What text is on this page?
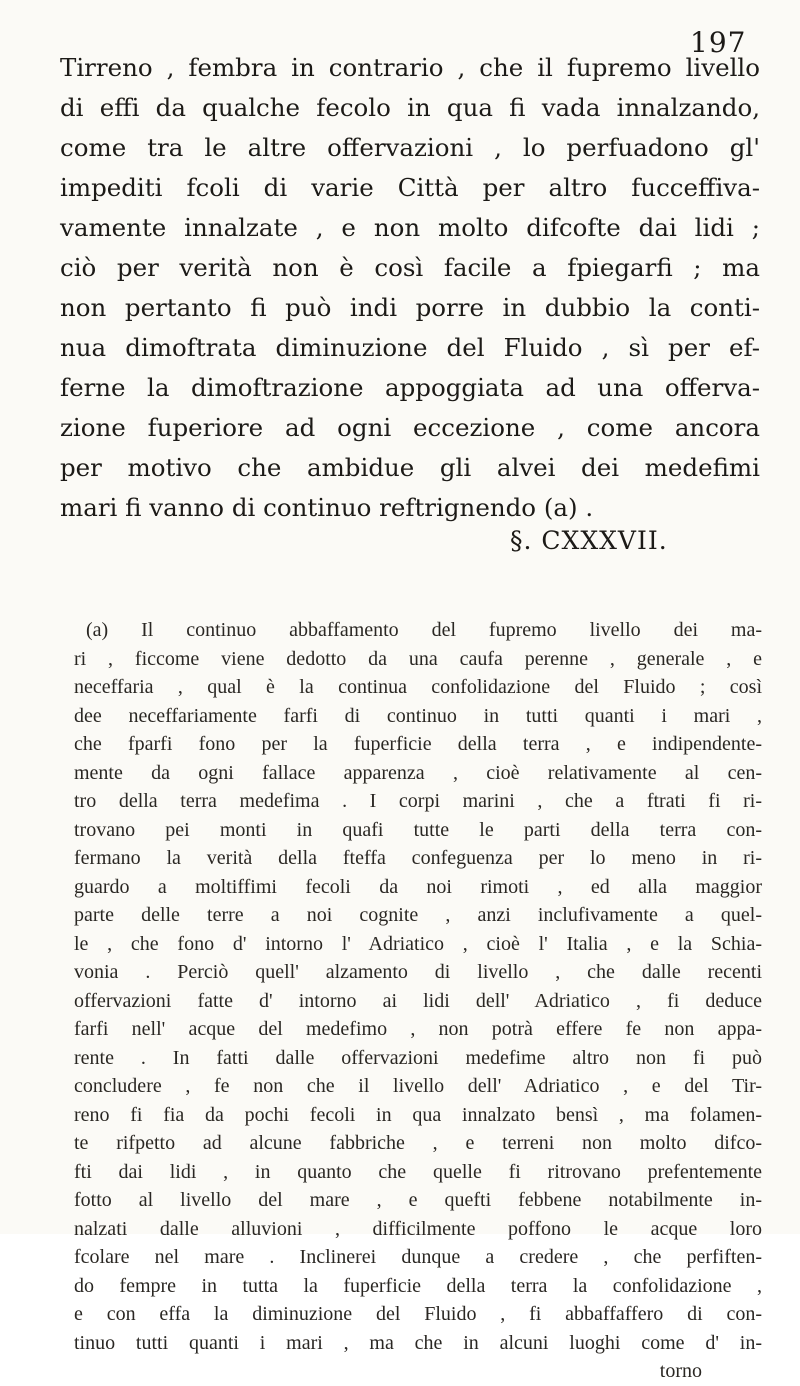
197
Tirreno , fembra in contrario , che il fupremo livello
di effi da qualche fecolo in qua fi vada innalzando,
come tra le altre offervazioni , lo perfuadono gl'
impediti fcoli di varie Città per altro fucceffiva-
vamente innalzate , e non molto difcofte dai lidi ;
ciò per verità non è così facile a fpiegarfi ; ma
non pertanto fi può indi porre in dubbio la conti-
nua dimoftrata diminuzione del Fluido , sì per ef-
ferne la dimoftrazione appoggiata ad una offerva-
zione fuperiore ad ogni eccezione , come ancora
per motivo che ambidue gli alvei dei medefimi
mari fi vanno di continuo reftrignendo (a) .
§. CXXXVII.
(a) Il continuo abbaffamento del fupremo livello dei ma-
ri , ficcome viene dedotto da una caufa perenne , generale , e
neceffaria , qual è la continua confolidazione del Fluido ; così
dee neceffariamente farfi di continuo in tutti quanti i mari ,
che fparfi fono per la fuperficie della terra , e indipendente-
mente da ogni fallace apparenza , cioè relativamente al cen-
tro della terra medefima . I corpi marini , che a ftrati fi ri-
trovano pei monti in quafi tutte le parti della terra con-
fermano la verità della fteffa confeguenza per lo meno in ri-
guardo a moltiffimi fecoli da noi rimoti , ed alla maggior
parte delle terre a noi cognite , anzi inclufivamente a quel-
le , che fono d' intorno l' Adriatico , cioè l' Italia , e la Schia-
vonia . Perciò quell' alzamento di livello , che dalle recenti
offervazioni fatte d' intorno ai lidi dell' Adriatico , fi deduce
farfi nell' acque del medefimo , non potrà effere fe non appa-
rente . In fatti dalle offervazioni medefime altro non fi può
concludere , fe non che il livello dell' Adriatico , e del Tir-
reno fi fia da pochi fecoli in qua innalzato bensì , ma folamen-
te rifpetto ad alcune fabbriche , e terreni non molto difco-
fti dai lidi , in quanto che quelle fi ritrovano prefentemente
fotto al livello del mare , e quefti febbene notabilmente in-
nalzati dalle alluvioni , difficilmente poffono le acque loro
fcolare nel mare . Inclinerei dunque a credere , che perfiften-
do fempre in tutta la fuperficie della terra la confolidazione ,
e con effa la diminuzione del Fluido , fi abbaffaffero di con-
tinuo tutti quanti i mari , ma che in alcuni luoghi come d' in-
torno
